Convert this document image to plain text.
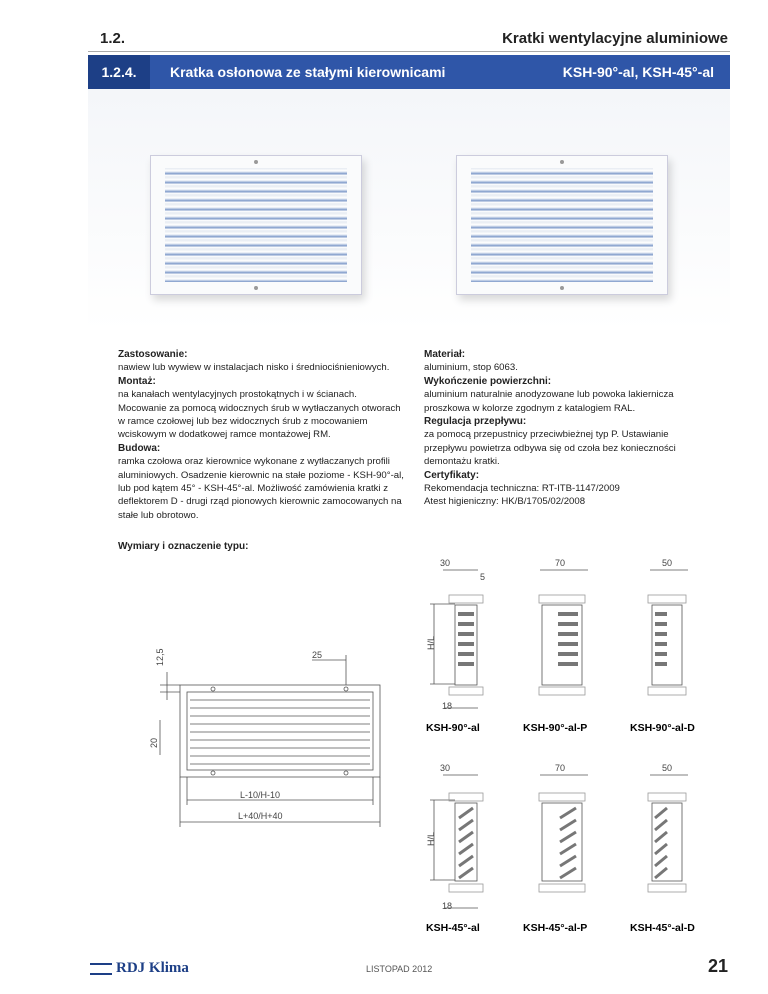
1.2.	Kratki wentylacyjne aluminiowe
1.2.4.	Kratka osłonowa ze stałymi kierownicami	KSH-90°-al, KSH-45°-al
Zastosowanie:
nawiew lub wywiew w instalacjach nisko i średniociśnieniowych.
Montaż:
na kanałach wentylacyjnych prostokątnych i w ścianach. Mocowanie za pomocą widocznych śrub w wytłaczanych otworach w ramce czołowej lub bez widocznych śrub z mocowaniem wciskowym w dodatkowej ramce montażowej RM.
Budowa:
ramka czołowa oraz kierownice wykonane z wytłaczanych profili aluminiowych. Osadzenie kierownic na stałe poziome - KSH-90°-al, lub pod kątem 45° - KSH-45°-al. Możliwość zamówienia kratki z deflektorem D - drugi rząd pionowych kierownic zamocowanych na stałe lub obrotowo.
Materiał:
aluminium, stop 6063.
Wykończenie powierzchni:
aluminium naturalnie anodyzowane lub powoka lakiernicza proszkowa w kolorze zgodnym z katalogiem RAL.
Regulacja przepływu:
za pomocą przepustnicy przeciwbieżnej typ P. Ustawianie przepływu powietrza odbywa się od czoła bez konieczności demontażu kratki.
Certyfikaty:
Rekomendacja techniczna: RT-ITB-1147/2009
Atest higieniczny: HK/B/1705/02/2008
Wymiary i oznaczenie typu:
12,5	25
20
L-10/H-10
L+40/H+40
30	70	50
5
H/L
18
KSH-90°-al	KSH-90°-al-P	KSH-90°-al-D
30	70	50
H/L
18
KSH-45°-al	KSH-45°-al-P	KSH-45°-al-D
RDJ Klima	LISTOPAD 2012	21
